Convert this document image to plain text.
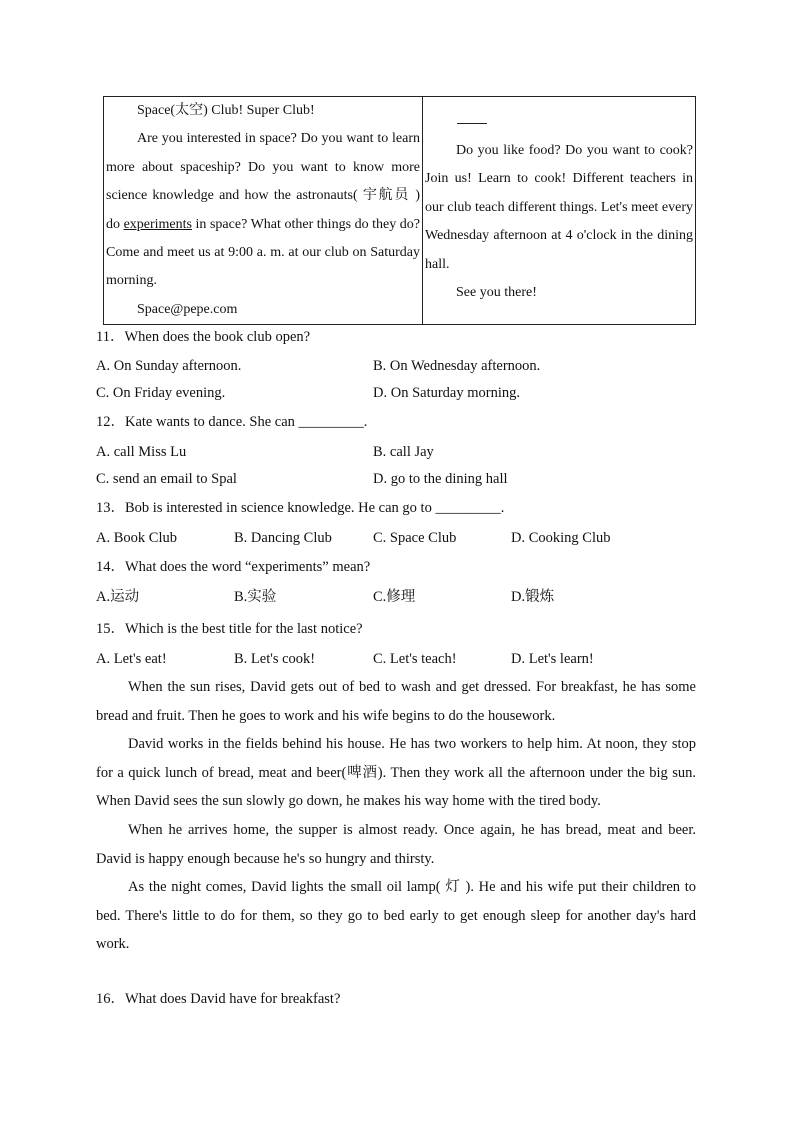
Space(太空) Club! Super Club!

Are you interested in space? Do you want to learn more about spaceship? Do you want to know more science knowledge and how the astronauts( 宇航员 ) do experiments in space? What other things do they do? Come and meet us at 9:00 a. m. at our club on Saturday morning.

Space@pepe.com

Do you like food? Do you want to cook? Join us! Learn to cook! Different teachers in our club teach different things. Let's meet every Wednesday afternoon at 4 o'clock in the dining hall.

See you there!

11．When does the book club open?
A. On Sunday afternoon.	B. On Wednesday afternoon.
C. On Friday evening.	D. On Saturday morning.
12．Kate wants to dance. She can _________.
A. call Miss Lu	B. call Jay
C. send an email to Spal	D. go to the dining hall
13．Bob is interested in science knowledge. He can go to _________.
A. Book Club	B. Dancing Club	C. Space Club	D. Cooking Club
14．What does the word “experiments” mean?
A.运动	B.实验	C.修理	D.锻炼
15．Which is the best title for the last notice?
A. Let's eat!	B. Let's cook!	C. Let's teach!	D. Let's learn!

When the sun rises, David gets out of bed to wash and get dressed. For breakfast, he has some bread and fruit. Then he goes to work and his wife begins to do the housework.

David works in the fields behind his house. He has two workers to help him. At noon, they stop for a quick lunch of bread, meat and beer(啤酒). Then they work all the afternoon under the big sun. When David sees the sun slowly go down, he makes his way home with the tired body.

When he arrives home, the supper is almost ready. Once again, he has bread, meat and beer. David is happy enough because he's so hungry and thirsty.

As the night comes, David lights the small oil lamp( 灯 ). He and his wife put their children to bed. There's little to do for them, so they go to bed early to get enough sleep for another day's hard work.

16．What does David have for breakfast?
